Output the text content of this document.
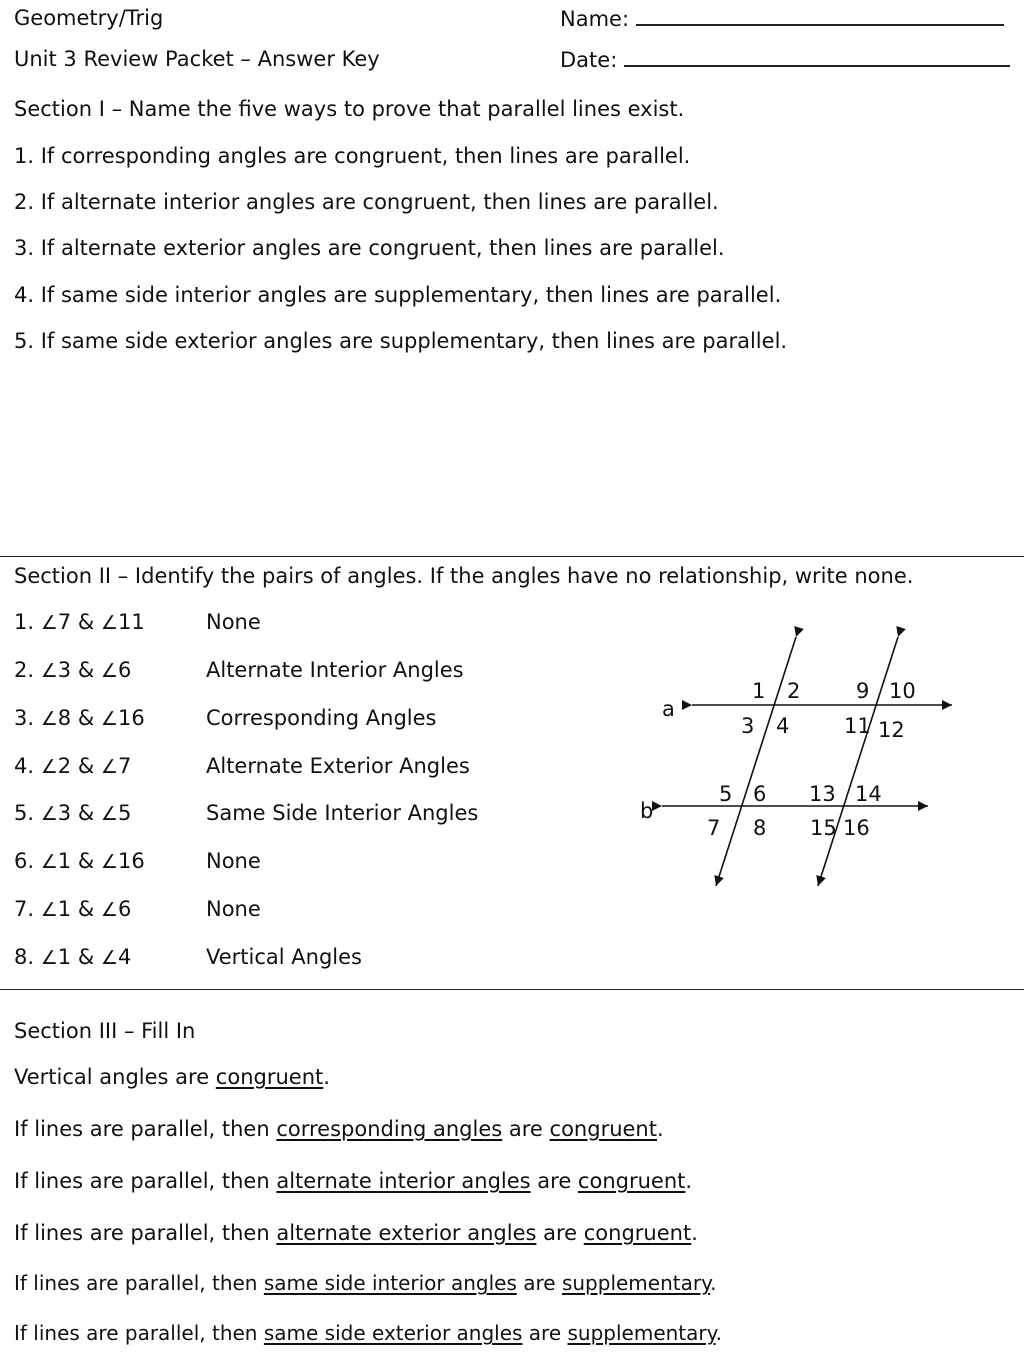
Geometry/Trig
Unit 3 Review Packet – Answer Key
Name:
Date:
Section I – Name the five ways to prove that parallel lines exist.
1. If corresponding angles are congruent, then lines are parallel.
2. If alternate interior angles are congruent, then lines are parallel.
3. If alternate exterior angles are congruent, then lines are parallel.
4. If same side interior angles are supplementary, then lines are parallel.
5. If same side exterior angles are supplementary, then lines are parallel.
Section II – Identify the pairs of angles. If the angles have no relationship, write none.
1. ∠7 & ∠11	None
2. ∠3 & ∠6	Alternate Interior Angles
3. ∠8 & ∠16	Corresponding Angles
4. ∠2 & ∠7	Alternate Exterior Angles
5. ∠3 & ∠5	Same Side Interior Angles
6. ∠1 & ∠16	None
7. ∠1 & ∠6	None
8. ∠1 & ∠4	Vertical Angles
a
b
1 2
3 4
5 6
7 8
9 10
11 12
13 14
15 16
Section III – Fill In
Vertical angles are congruent.
If lines are parallel, then corresponding angles are congruent.
If lines are parallel, then alternate interior angles are congruent.
If lines are parallel, then alternate exterior angles are congruent.
If lines are parallel, then same side interior angles are supplementary.
If lines are parallel, then same side exterior angles are supplementary.
